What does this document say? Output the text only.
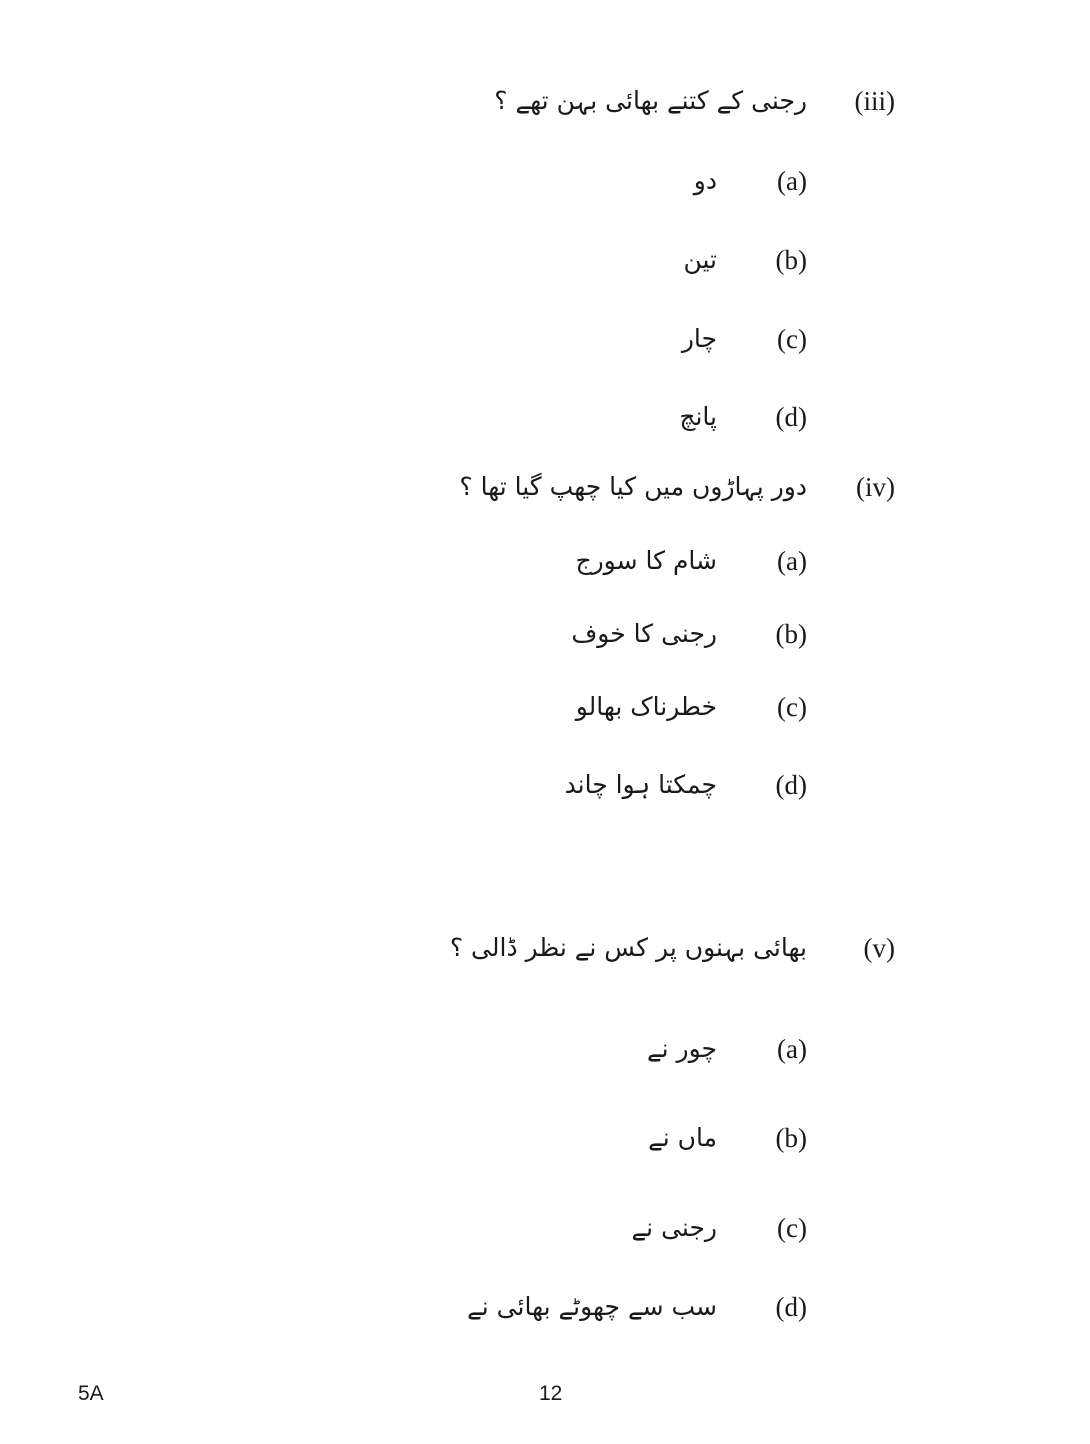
(iii)
رجنی کے کتنے بھائی بہن تھے ؟
(a)
دو
(b)
تین
(c)
چار
(d)
پانچ
(iv)
دور پہاڑوں میں کیا چھپ گیا تھا ؟
(a)
شام کا سورج
(b)
رجنی کا خوف
(c)
خطرناک بھالو
(d)
چمکتا ہوا چاند
(v)
بھائی بہنوں پر کس نے نظر ڈالی ؟
(a)
چور نے
(b)
ماں نے
(c)
رجنی نے
(d)
سب سے چھوٹے بھائی نے
5A	12
